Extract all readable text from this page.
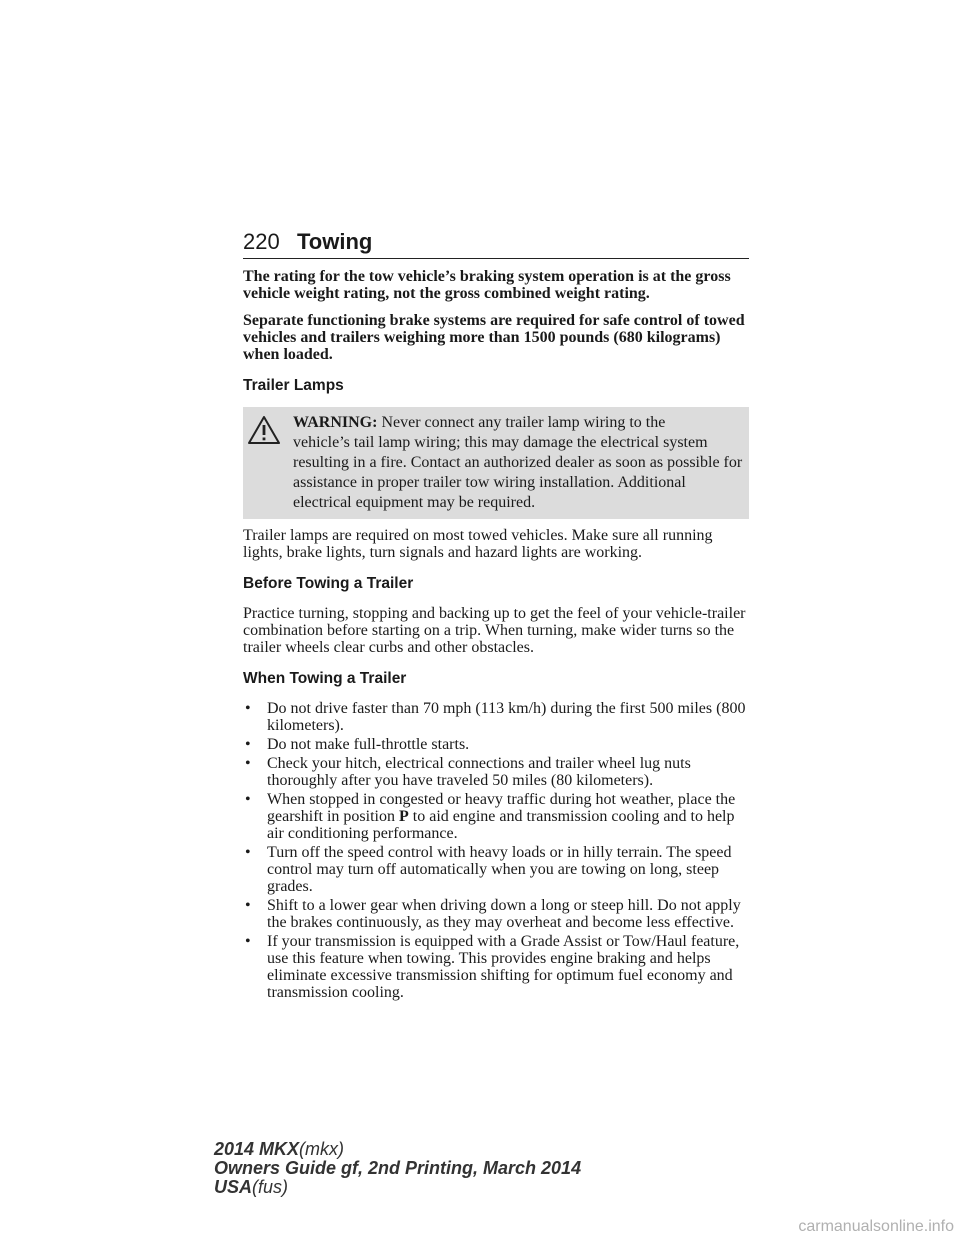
220 Towing

The rating for the tow vehicle’s braking system operation is at the gross vehicle weight rating, not the gross combined weight rating.

Separate functioning brake systems are required for safe control of towed vehicles and trailers weighing more than 1500 pounds (680 kilograms) when loaded.

Trailer Lamps
WARNING: Never connect any trailer lamp wiring to the
vehicle’s tail lamp wiring; this may damage the electrical system resulting in a fire. Contact an authorized dealer as soon as possible for assistance in proper trailer tow wiring installation. Additional electrical equipment may be required.

Trailer lamps are required on most towed vehicles. Make sure all running lights, brake lights, turn signals and hazard lights are working.

Before Towing a Trailer

Practice turning, stopping and backing up to get the feel of your vehicle-trailer combination before starting on a trip. When turning, make wider turns so the trailer wheels clear curbs and other obstacles.

When Towing a Trailer
• Do not drive faster than 70 mph (113 km/h) during the first 500 miles (800 kilometers).
• Do not make full-throttle starts.
• Check your hitch, electrical connections and trailer wheel lug nuts thoroughly after you have traveled 50 miles (80 kilometers).
• When stopped in congested or heavy traffic during hot weather, place the gearshift in position P to aid engine and transmission cooling and to help air conditioning performance.
• Turn off the speed control with heavy loads or in hilly terrain. The speed control may turn off automatically when you are towing on long, steep grades.
• Shift to a lower gear when driving down a long or steep hill. Do not apply the brakes continuously, as they may overheat and become less effective.
• If your transmission is equipped with a Grade Assist or Tow/Haul feature, use this feature when towing. This provides engine braking and helps eliminate excessive transmission shifting for optimum fuel economy and transmission cooling.
2014 MKX(mkx)
Owners Guide gf, 2nd Printing, March 2014
USA(fus)
carmanualsonline.info
